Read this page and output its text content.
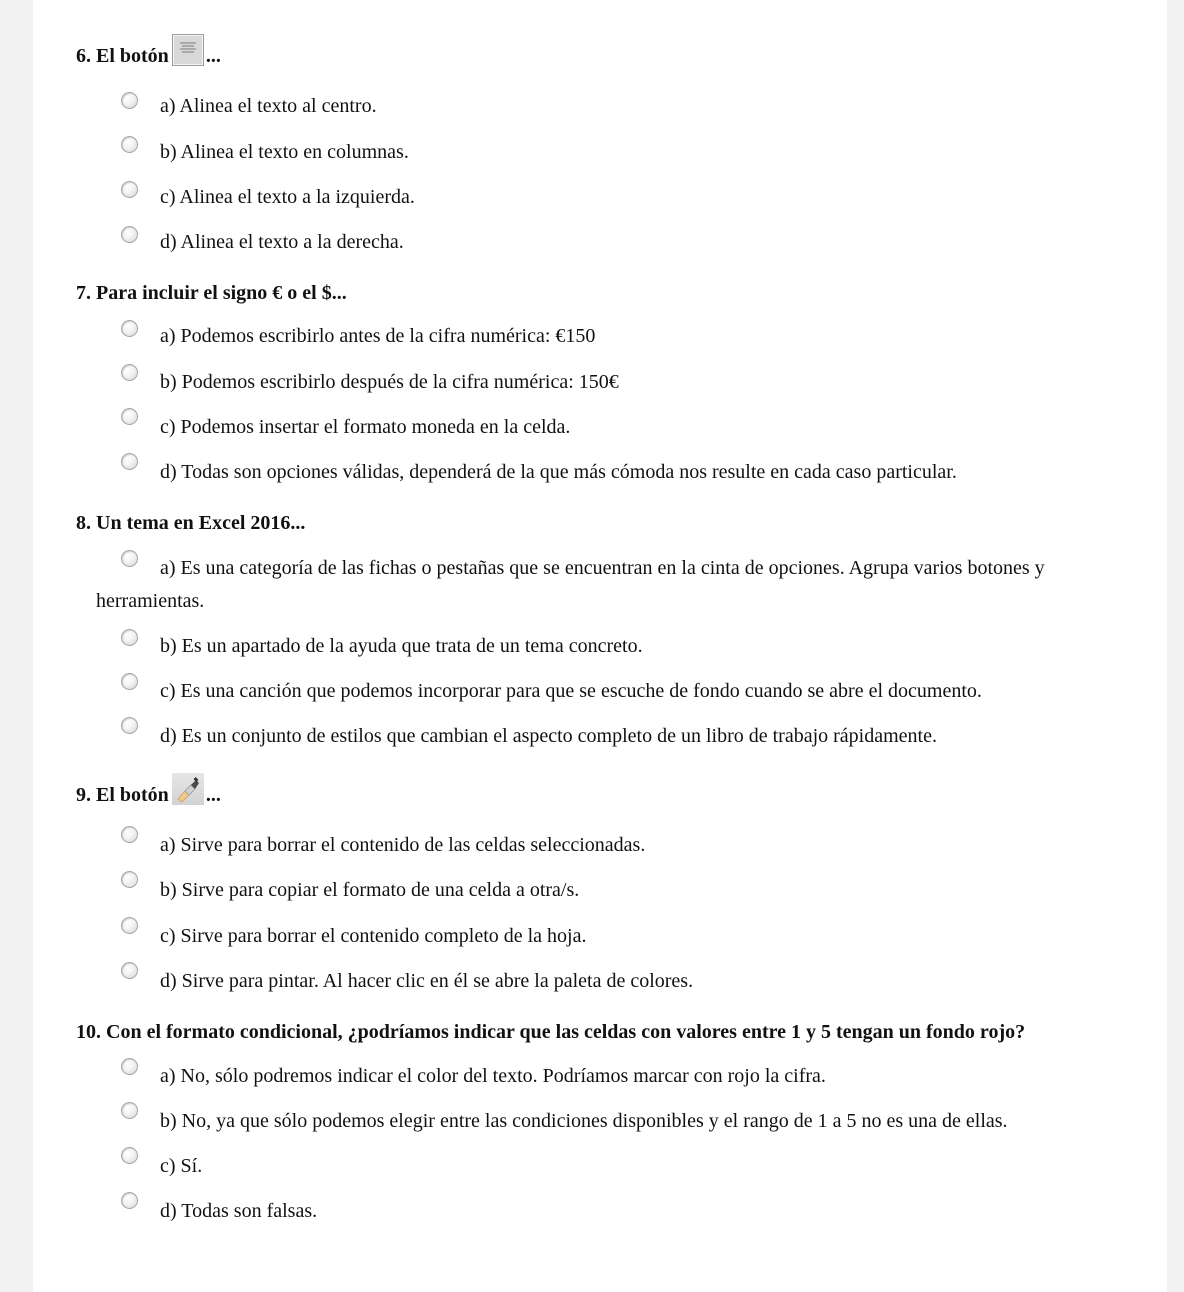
6. El botón ...
a) Alinea el texto al centro.
b) Alinea el texto en columnas.
c) Alinea el texto a la izquierda.
d) Alinea el texto a la derecha.
7. Para incluir el signo € o el $...
a) Podemos escribirlo antes de la cifra numérica: €150
b) Podemos escribirlo después de la cifra numérica: 150€
c) Podemos insertar el formato moneda en la celda.
d) Todas son opciones válidas, dependerá de la que más cómoda nos resulte en cada caso particular.
8. Un tema en Excel 2016...
a) Es una categoría de las fichas o pestañas que se encuentran en la cinta de opciones. Agrupa varios botones y herramientas.
b) Es un apartado de la ayuda que trata de un tema concreto.
c) Es una canción que podemos incorporar para que se escuche de fondo cuando se abre el documento.
d) Es un conjunto de estilos que cambian el aspecto completo de un libro de trabajo rápidamente.
9. El botón ...
a) Sirve para borrar el contenido de las celdas seleccionadas.
b) Sirve para copiar el formato de una celda a otra/s.
c) Sirve para borrar el contenido completo de la hoja.
d) Sirve para pintar. Al hacer clic en él se abre la paleta de colores.
10. Con el formato condicional, ¿podríamos indicar que las celdas con valores entre 1 y 5 tengan un fondo rojo?
a) No, sólo podremos indicar el color del texto. Podríamos marcar con rojo la cifra.
b) No, ya que sólo podemos elegir entre las condiciones disponibles y el rango de 1 a 5 no es una de ellas.
c) Sí.
d) Todas son falsas.
